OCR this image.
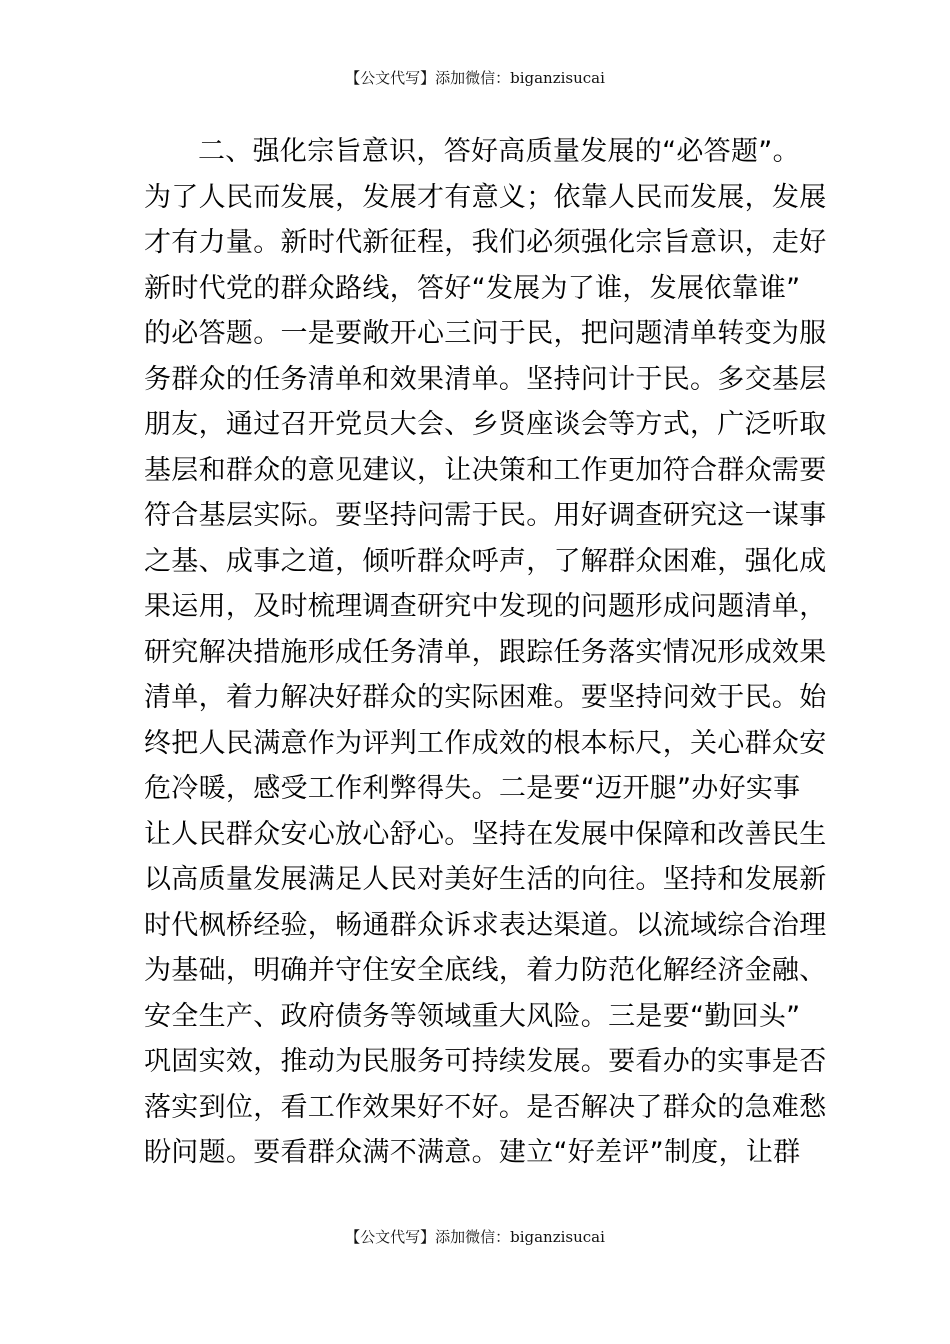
【公文代写】添加微信：biganzisucai
二、强化宗旨意识，答好高质量发展的“必答题”。
为了人民而发展，发展才有意义；依靠人民而发展，发展
才有力量。新时代新征程，我们必须强化宗旨意识，走好
新时代党的群众路线，答好“发展为了谁，发展依靠谁”
的必答题。一是要敞开心三问于民，把问题清单转变为服
务群众的任务清单和效果清单。坚持问计于民。多交基层
朋友，通过召开党员大会、乡贤座谈会等方式，广泛听取
基层和群众的意见建议，让决策和工作更加符合群众需要
符合基层实际。要坚持问需于民。用好调查研究这一谋事
之基、成事之道，倾听群众呼声，了解群众困难，强化成
果运用，及时梳理调查研究中发现的问题形成问题清单，
研究解决措施形成任务清单，跟踪任务落实情况形成效果
清单，着力解决好群众的实际困难。要坚持问效于民。始
终把人民满意作为评判工作成效的根本标尺，关心群众安
危冷暖，感受工作利弊得失。二是要“迈开腿”办好实事
让人民群众安心放心舒心。坚持在发展中保障和改善民生
以高质量发展满足人民对美好生活的向往。坚持和发展新
时代枫桥经验，畅通群众诉求表达渠道。以流域综合治理
为基础，明确并守住安全底线，着力防范化解经济金融、
安全生产、政府债务等领域重大风险。三是要“勤回头”
巩固实效，推动为民服务可持续发展。要看办的实事是否
落实到位，看工作效果好不好。是否解决了群众的急难愁
盼问题。要看群众满不满意。建立“好差评”制度，让群
【公文代写】添加微信：biganzisucai
